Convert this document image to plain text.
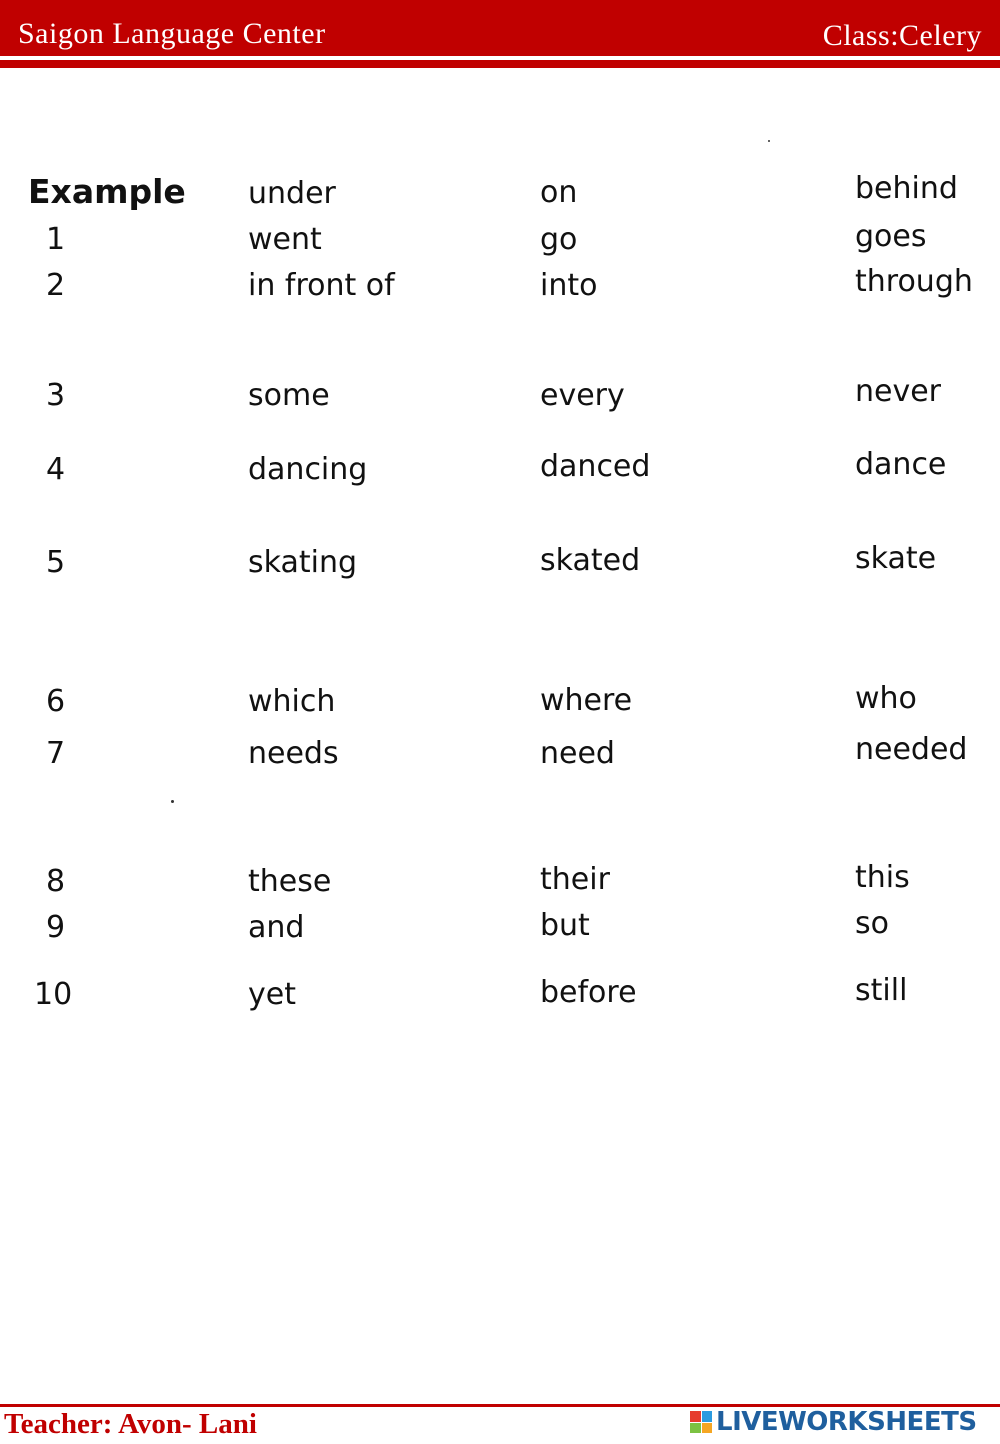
Saigon Language Center	Class:Celery
Example under	on	behind
1	went	go	goes
2	in front of	into	through
3	some	every	never
4	dancing	danced	dance
5	skating	skated	skate
6	which	where	who
7	needs	need	needed
8	these	their	this
9	and	but	so
10	yet	before	still
Teacher: Avon- Lani	LIVEWORKSHEETS
